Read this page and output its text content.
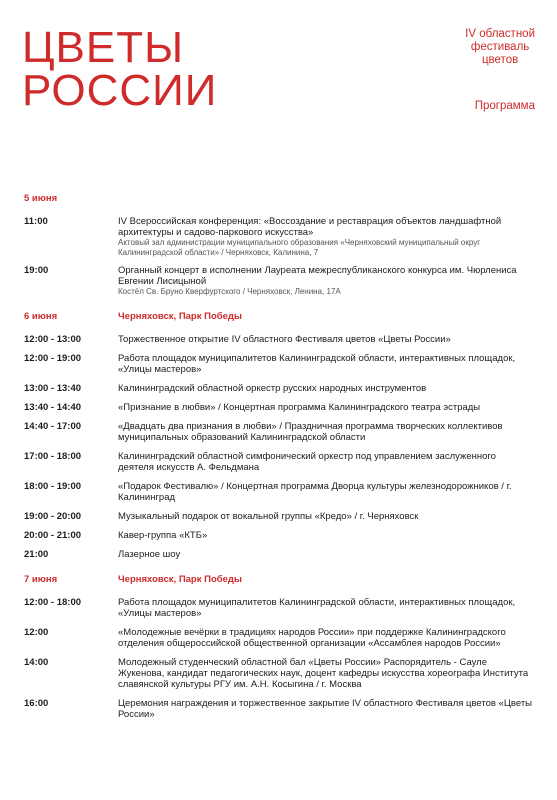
ЦВЕТЫ
РОССИИ
IV областной
фестиваль
цветов
Программа
5 июня
11:00	IV Всероссийская конференция: «Воссоздание и реставрация объектов ландшафтной архитектуры и садово-паркового искусства»
Актовый зал администрации муниципального образования «Черняховский муниципальный округ Калининградской области» / Черняховск, Калинина, 7
19:00	Органный концерт в исполнении Лауреата межреспубликанского конкурса им. Чюрлениса Евгении Лисицыной
Костёл Св. Бруно Кверфуртского / Черняховск, Ленина, 17А
6 июня	Черняховск, Парк Победы
12:00 - 13:00	Торжественное открытие IV областного Фестиваля цветов «Цветы России»
12:00 - 19:00	Работа площадок муниципалитетов Калининградской области, интерактивных площадок, «Улицы мастеров»
13:00 - 13:40	Калининградский областной оркестр русских народных инструментов
13:40 - 14:40	«Признание в любви» / Концертная программа Калининградского театра эстрады
14:40 - 17:00	«Двадцать два признания в любви» / Праздничная программа творческих коллективов муниципальных образований Калининградской области
17:00 - 18:00	Калининградский областной симфонический оркестр под управлением заслуженного деятеля искусств А. Фельдмана
18:00 - 19:00	«Подарок Фестивалю» / Концертная программа Дворца культуры железнодорожников / г. Калининград
19:00 - 20:00	Музыкальный подарок от вокальной группы «Кредо» / г. Черняховск
20:00 - 21:00	Кавер-группа «КТБ»
21:00	Лазерное шоу
7 июня	Черняховск, Парк Победы
12:00 - 18:00	Работа площадок муниципалитетов Калининградской области, интерактивных площадок, «Улицы мастеров»
12:00	«Молодежные вечёрки в традициях народов России» при поддержке Калининградского отделения общероссийской общественной организации «Ассамблея народов России»
14:00	Молодежный студенческий областной бал «Цветы России» Распорядитель - Сауле Жукенова, кандидат педагогических наук, доцент кафедры искусства хореографа Института славянской культуры РГУ им. А.Н. Косыгина / г. Москва
16:00	Церемония награждения и торжественное закрытие IV областного Фестиваля цветов «Цветы России»
